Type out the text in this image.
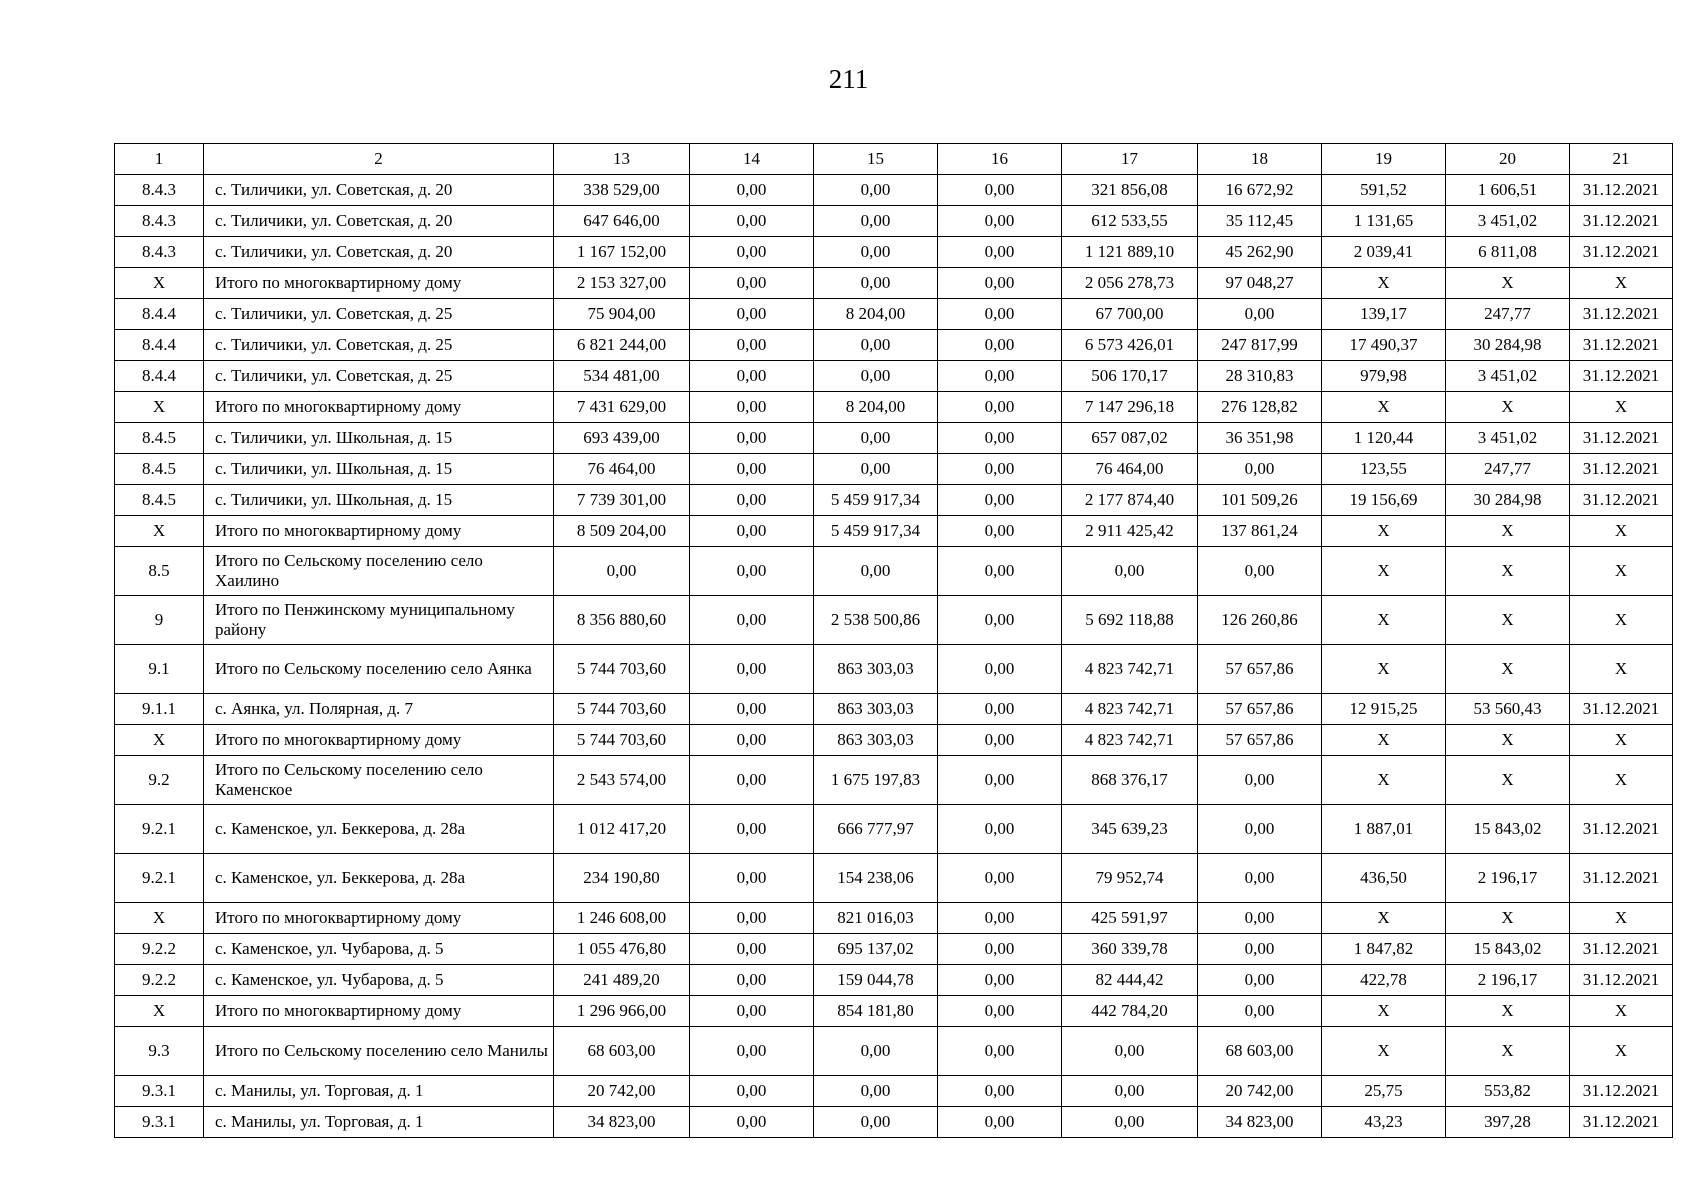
211
1	2	13	14	15	16	17	18	19	20	21
8.4.3	с. Тиличики, ул. Советская, д. 20	338 529,00	0,00	0,00	0,00	321 856,08	16 672,92	591,52	1 606,51	31.12.2021
8.4.3	с. Тиличики, ул. Советская, д. 20	647 646,00	0,00	0,00	0,00	612 533,55	35 112,45	1 131,65	3 451,02	31.12.2021
8.4.3	с. Тиличики, ул. Советская, д. 20	1 167 152,00	0,00	0,00	0,00	1 121 889,10	45 262,90	2 039,41	6 811,08	31.12.2021
X	Итого по многоквартирному дому	2 153 327,00	0,00	0,00	0,00	2 056 278,73	97 048,27	X	X	X
8.4.4	с. Тиличики, ул. Советская, д. 25	75 904,00	0,00	8 204,00	0,00	67 700,00	0,00	139,17	247,77	31.12.2021
8.4.4	с. Тиличики, ул. Советская, д. 25	6 821 244,00	0,00	0,00	0,00	6 573 426,01	247 817,99	17 490,37	30 284,98	31.12.2021
8.4.4	с. Тиличики, ул. Советская, д. 25	534 481,00	0,00	0,00	0,00	506 170,17	28 310,83	979,98	3 451,02	31.12.2021
X	Итого по многоквартирному дому	7 431 629,00	0,00	8 204,00	0,00	7 147 296,18	276 128,82	X	X	X
8.4.5	с. Тиличики, ул. Школьная, д. 15	693 439,00	0,00	0,00	0,00	657 087,02	36 351,98	1 120,44	3 451,02	31.12.2021
8.4.5	с. Тиличики, ул. Школьная, д. 15	76 464,00	0,00	0,00	0,00	76 464,00	0,00	123,55	247,77	31.12.2021
8.4.5	с. Тиличики, ул. Школьная, д. 15	7 739 301,00	0,00	5 459 917,34	0,00	2 177 874,40	101 509,26	19 156,69	30 284,98	31.12.2021
X	Итого по многоквартирному дому	8 509 204,00	0,00	5 459 917,34	0,00	2 911 425,42	137 861,24	X	X	X
8.5	Итого по Сельскому поселению село Хаилино	0,00	0,00	0,00	0,00	0,00	0,00	X	X	X
9	Итого по Пенжинскому муниципальному району	8 356 880,60	0,00	2 538 500,86	0,00	5 692 118,88	126 260,86	X	X	X
9.1	Итого по Сельскому поселению село Аянка	5 744 703,60	0,00	863 303,03	0,00	4 823 742,71	57 657,86	X	X	X
9.1.1	с. Аянка, ул. Полярная, д. 7	5 744 703,60	0,00	863 303,03	0,00	4 823 742,71	57 657,86	12 915,25	53 560,43	31.12.2021
X	Итого по многоквартирному дому	5 744 703,60	0,00	863 303,03	0,00	4 823 742,71	57 657,86	X	X	X
9.2	Итого по Сельскому поселению село Каменское	2 543 574,00	0,00	1 675 197,83	0,00	868 376,17	0,00	X	X	X
9.2.1	с. Каменское, ул. Беккерова, д. 28а	1 012 417,20	0,00	666 777,97	0,00	345 639,23	0,00	1 887,01	15 843,02	31.12.2021
9.2.1	с. Каменское, ул. Беккерова, д. 28а	234 190,80	0,00	154 238,06	0,00	79 952,74	0,00	436,50	2 196,17	31.12.2021
X	Итого по многоквартирному дому	1 246 608,00	0,00	821 016,03	0,00	425 591,97	0,00	X	X	X
9.2.2	с. Каменское, ул. Чубарова, д. 5	1 055 476,80	0,00	695 137,02	0,00	360 339,78	0,00	1 847,82	15 843,02	31.12.2021
9.2.2	с. Каменское, ул. Чубарова, д. 5	241 489,20	0,00	159 044,78	0,00	82 444,42	0,00	422,78	2 196,17	31.12.2021
X	Итого по многоквартирному дому	1 296 966,00	0,00	854 181,80	0,00	442 784,20	0,00	X	X	X
9.3	Итого по Сельскому поселению село Манилы	68 603,00	0,00	0,00	0,00	0,00	68 603,00	X	X	X
9.3.1	с. Манилы, ул. Торговая, д. 1	20 742,00	0,00	0,00	0,00	0,00	20 742,00	25,75	553,82	31.12.2021
9.3.1	с. Манилы, ул. Торговая, д. 1	34 823,00	0,00	0,00	0,00	0,00	34 823,00	43,23	397,28	31.12.2021
